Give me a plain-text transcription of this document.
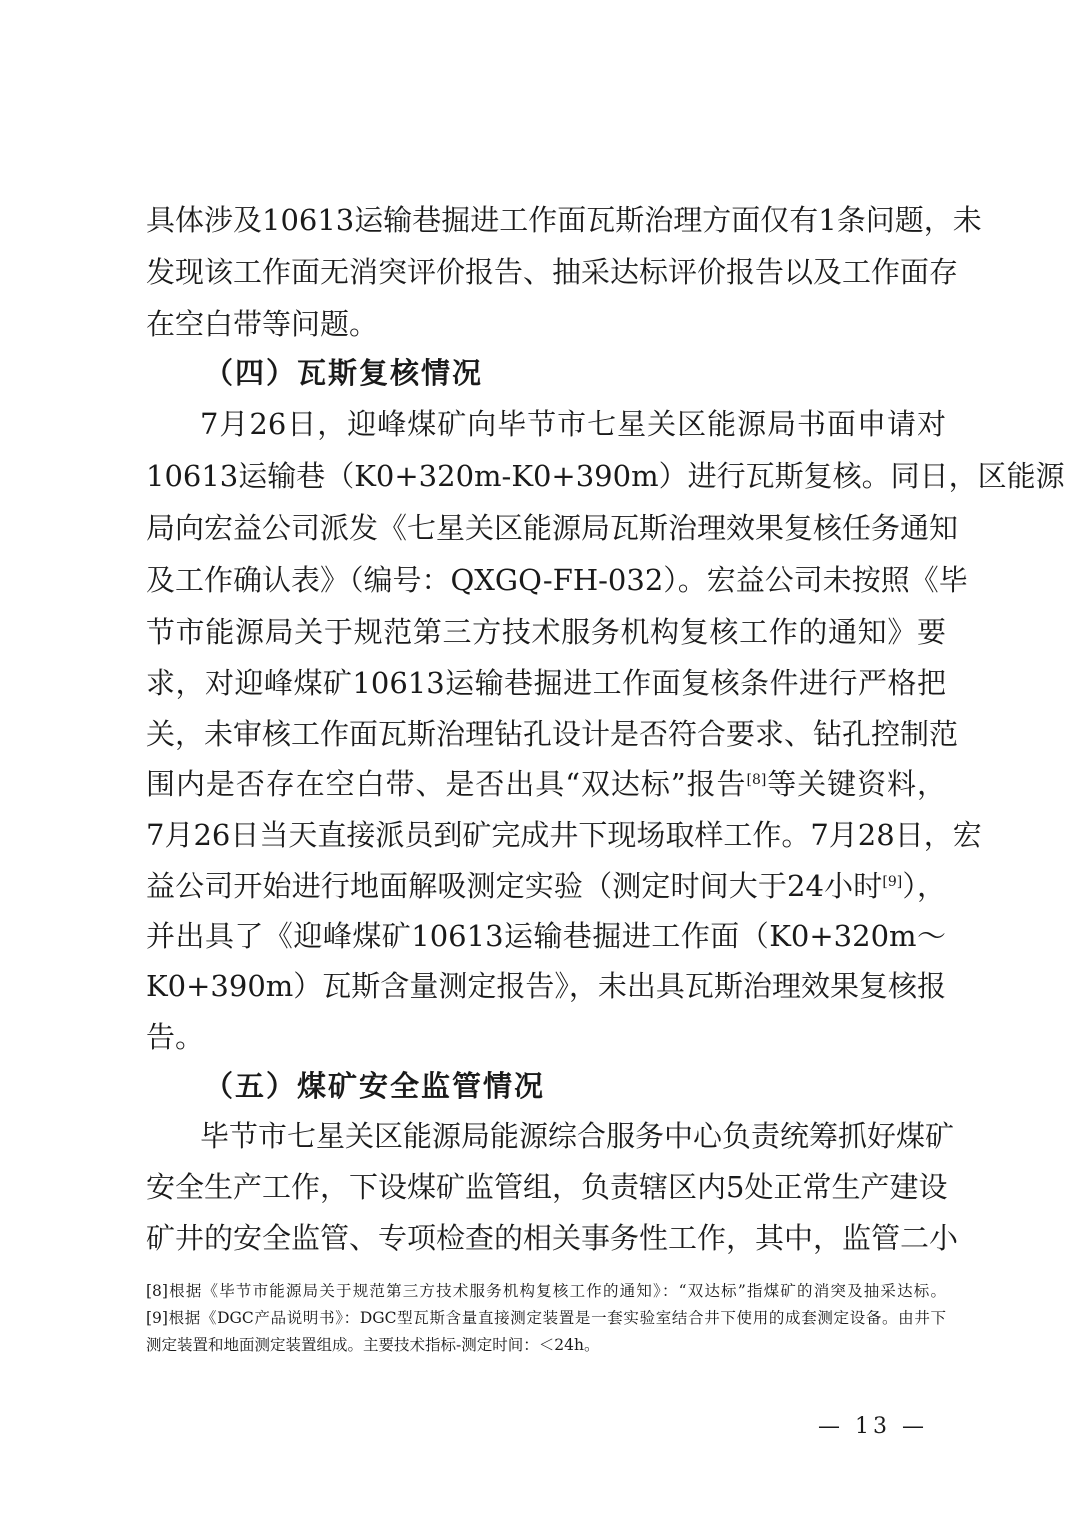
具体涉及10613运输巷掘进工作面瓦斯治理方面仅有1条问题，未
发现该工作面无消突评价报告、抽采达标评价报告以及工作面存
在空白带等问题。
（四）瓦斯复核情况
7月26日，迎峰煤矿向毕节市七星关区能源局书面申请对
10613运输巷（K0+320m-K0+390m）进行瓦斯复核。同日，区能源
局向宏益公司派发《七星关区能源局瓦斯治理效果复核任务通知
及工作确认表》（编号：QXGQ-FH-032）。宏益公司未按照《毕
节市能源局关于规范第三方技术服务机构复核工作的通知》要
求，对迎峰煤矿10613运输巷掘进工作面复核条件进行严格把
关，未审核工作面瓦斯治理钻孔设计是否符合要求、钻孔控制范
围内是否存在空白带、是否出具“双达标”报告[8]等关键资料，
7月26日当天直接派员到矿完成井下现场取样工作。7月28日，宏
益公司开始进行地面解吸测定实验（测定时间大于24小时[9]），
并出具了《迎峰煤矿10613运输巷掘进工作面（K0+320m～
K0+390m）瓦斯含量测定报告》，未出具瓦斯治理效果复核报
告。
（五）煤矿安全监管情况
毕节市七星关区能源局能源综合服务中心负责统筹抓好煤矿
安全生产工作，下设煤矿监管组，负责辖区内5处正常生产建设
矿井的安全监管、专项检查的相关事务性工作，其中，监管二小
[8]根据《毕节市能源局关于规范第三方技术服务机构复核工作的通知》：“双达标”指煤矿的消突及抽采达标。
[9]根据《DGC产品说明书》：DGC型瓦斯含量直接测定装置是一套实验室结合井下使用的成套测定设备。由井下
测定装置和地面测定装置组成。主要技术指标-测定时间：＜24h。
— 13 —
